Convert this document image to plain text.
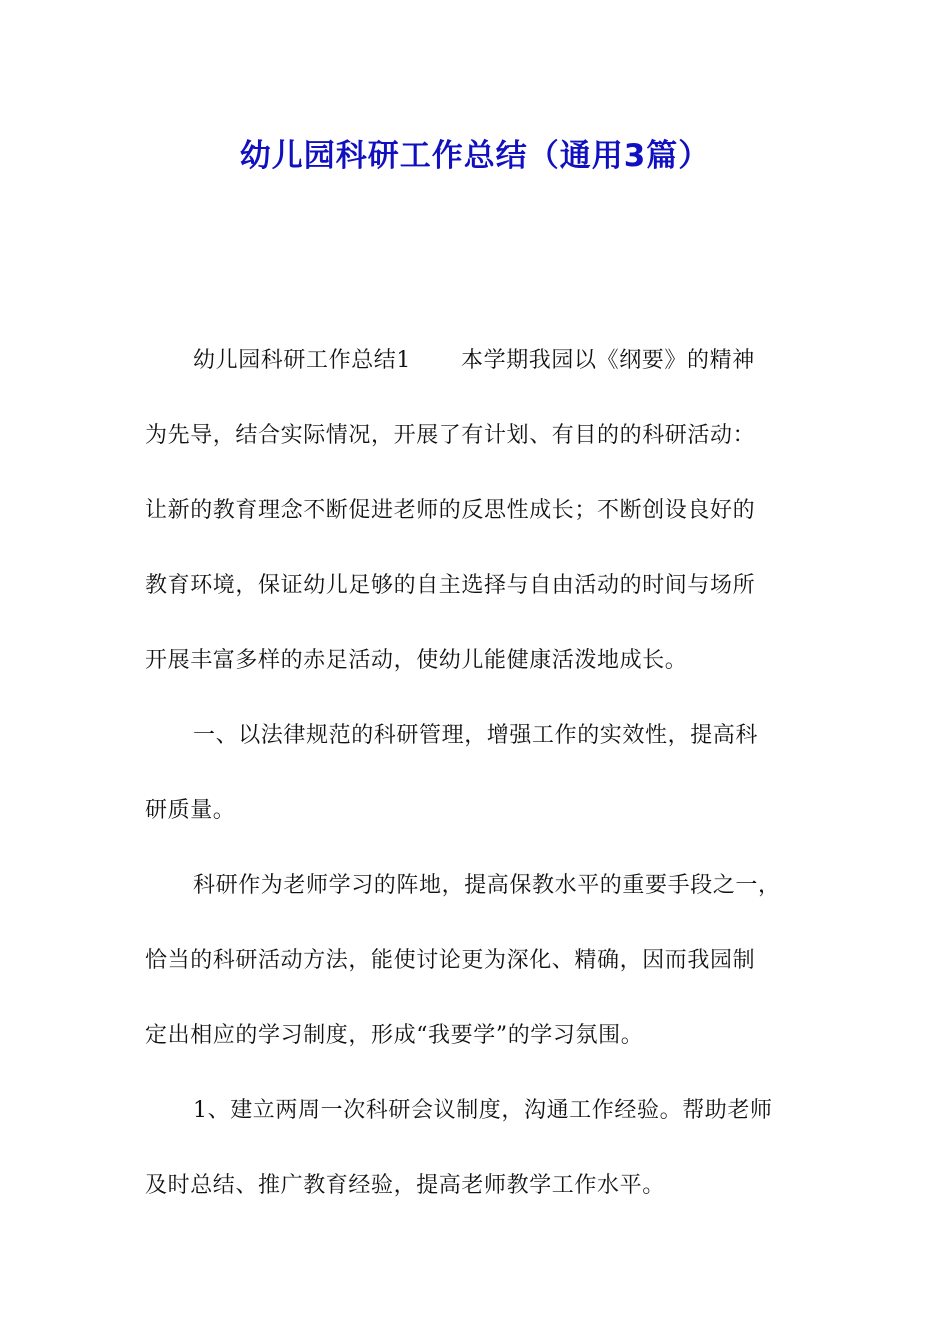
幼儿园科研工作总结（通用3篇）

幼儿园科研工作总结1 本学期我园以《纲要》的精神
为先导，结合实际情况，开展了有计划、有目的的科研活动：
让新的教育理念不断促进老师的反思性成长；不断创设良好的
教育环境，保证幼儿足够的自主选择与自由活动的时间与场所
开展丰富多样的赤足活动，使幼儿能健康活泼地成长。

一、以法律规范的科研管理，增强工作的实效性，提高科
研质量。

科研作为老师学习的阵地，提高保教水平的重要手段之一，
恰当的科研活动方法，能使讨论更为深化、精确，因而我园制
定出相应的学习制度，形成“我要学”的学习氛围。

1、建立两周一次科研会议制度，沟通工作经验。帮助老师
及时总结、推广教育经验，提高老师教学工作水平。
